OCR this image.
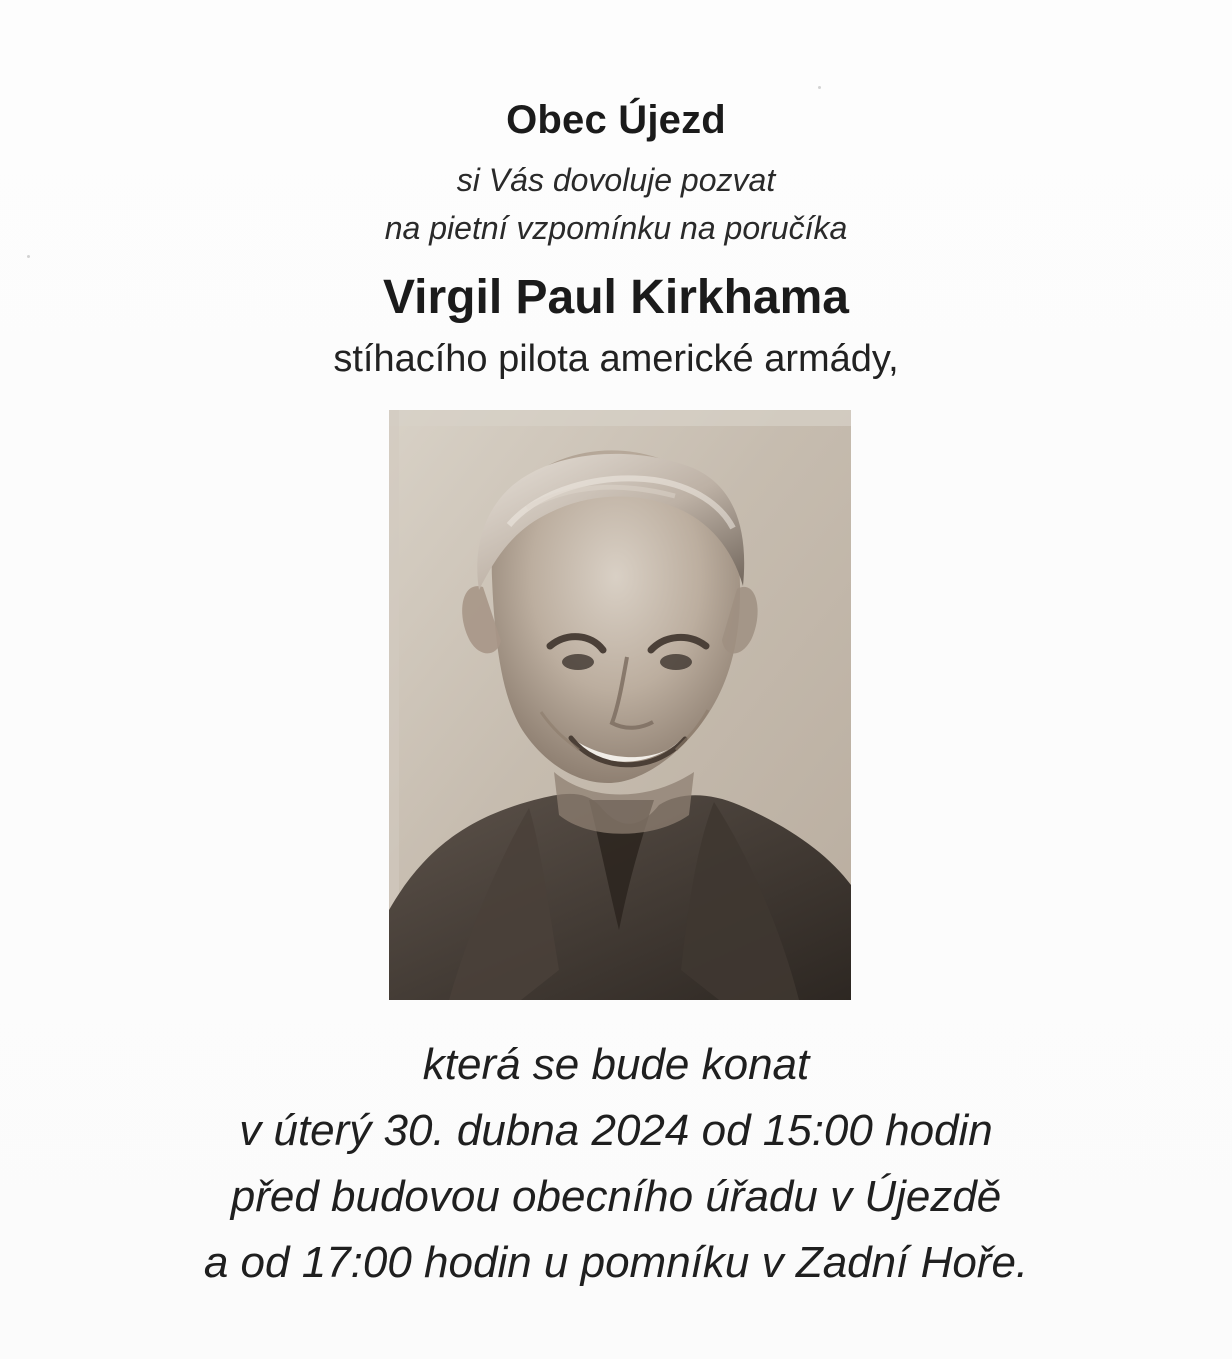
Obec Újezd
si Vás dovoluje pozvat
na pietní vzpomínku na poručíka
Virgil Paul Kirkhama
stíhacího pilota americké armády,
která se bude konat
v úterý 30. dubna 2024 od 15:00 hodin
před budovou obecního úřadu v Újezdě
a od 17:00 hodin u pomníku v Zadní Hoře.
